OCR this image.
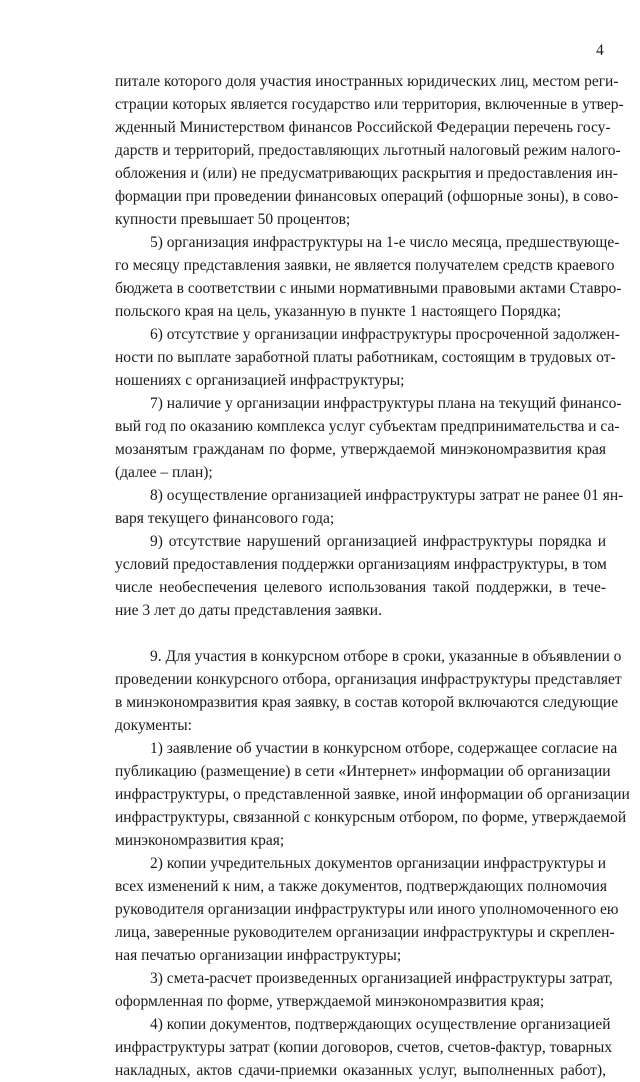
4
питале которого доля участия иностранных юридических лиц, местом реги-
страции которых является государство или территория, включенные в утвер-
жденный Министерством финансов Российской Федерации перечень госу-
дарств и территорий, предоставляющих льготный налоговый режим налого-
обложения и (или) не предусматривающих раскрытия и предоставления ин-
формации при проведении финансовых операций (офшорные зоны), в сово-
купности превышает 50 процентов;
5) организация инфраструктуры на 1-е число месяца, предшествующе-
го месяцу представления заявки, не является получателем средств краевого
бюджета в соответствии с иными нормативными правовыми актами Ставро-
польского края на цель, указанную в пункте 1 настоящего Порядка;
6) отсутствие у организации инфраструктуры просроченной задолжен-
ности по выплате заработной платы работникам, состоящим в трудовых от-
ношениях с организацией инфраструктуры;
7) наличие у организации инфраструктуры плана на текущий финансо-
вый год по оказанию комплекса услуг субъектам предпринимательства и са-
мозанятым гражданам по форме, утверждаемой минэкономразвития края
(далее – план);
8) осуществление организацией инфраструктуры затрат не ранее 01 ян-
варя текущего финансового года;
9) отсутствие нарушений организацией инфраструктуры порядка и
условий предоставления поддержки организациям инфраструктуры, в том
числе необеспечения целевого использования такой поддержки, в тече-
ние 3 лет до даты представления заявки.
9. Для участия в конкурсном отборе в сроки, указанные в объявлении о
проведении конкурсного отбора, организация инфраструктуры представляет
в минэкономразвития края заявку, в состав которой включаются следующие
документы:
1) заявление об участии в конкурсном отборе, содержащее согласие на
публикацию (размещение) в сети «Интернет» информации об организации
инфраструктуры, о представленной заявке, иной информации об организации
инфраструктуры, связанной с конкурсным отбором, по форме, утверждаемой
минэкономразвития края;
2) копии учредительных документов организации инфраструктуры и
всех изменений к ним, а также документов, подтверждающих полномочия
руководителя организации инфраструктуры или иного уполномоченного ею
лица, заверенные руководителем организации инфраструктуры и скреплен-
ная печатью организации инфраструктуры;
3) смета-расчет произведенных организацией инфраструктуры затрат,
оформленная по форме, утверждаемой минэкономразвития края;
4) копии документов, подтверждающих осуществление организацией
инфраструктуры затрат (копии договоров, счетов, счетов-фактур, товарных
накладных, актов сдачи-приемки оказанных услуг, выполненных работ),
